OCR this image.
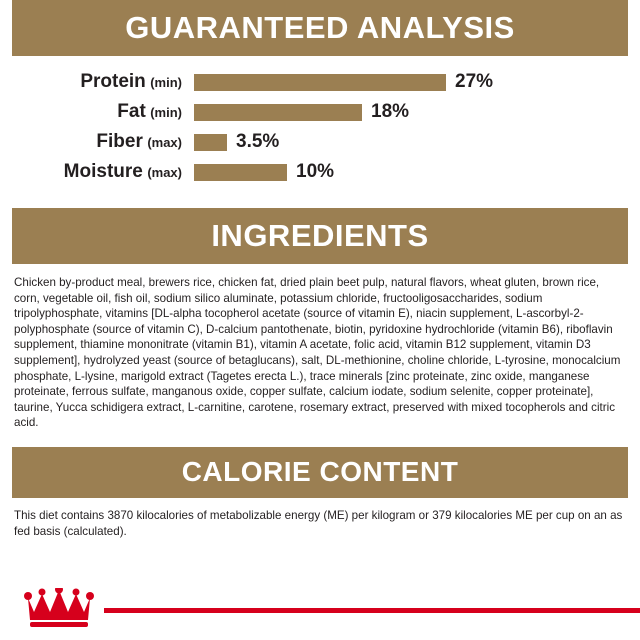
GUARANTEED ANALYSIS
Protein (min)	27%
Fat (min)	18%
Fiber (max)	3.5%
Moisture (max)	10%
INGREDIENTS
Chicken by-product meal, brewers rice, chicken fat, dried plain beet pulp, natural flavors, wheat gluten, brown rice, corn, vegetable oil, fish oil, sodium silico aluminate, potassium chloride, fructooligosaccharides, sodium tripolyphosphate, vitamins [DL-alpha tocopherol acetate (source of vitamin E), niacin supplement, L-ascorbyl-2-polyphosphate (source of vitamin C), D-calcium pantothenate, biotin, pyridoxine hydrochloride (vitamin B6), riboflavin supplement, thiamine mononitrate (vitamin B1), vitamin A acetate, folic acid, vitamin B12 supplement, vitamin D3 supplement], hydrolyzed yeast (source of betaglucans), salt, DL-methionine, choline chloride, L-tyrosine, monocalcium phosphate, L-lysine, marigold extract (Tagetes erecta L.), trace minerals [zinc proteinate, zinc oxide, manganese proteinate, ferrous sulfate, manganous oxide, copper sulfate, calcium iodate, sodium selenite, copper proteinate], taurine, Yucca schidigera extract, L-carnitine, carotene, rosemary extract, preserved with mixed tocopherols and citric acid.
CALORIE CONTENT
This diet contains 3870 kilocalories of metabolizable energy (ME) per kilogram or 379 kilocalories ME per cup on an as fed basis (calculated).
